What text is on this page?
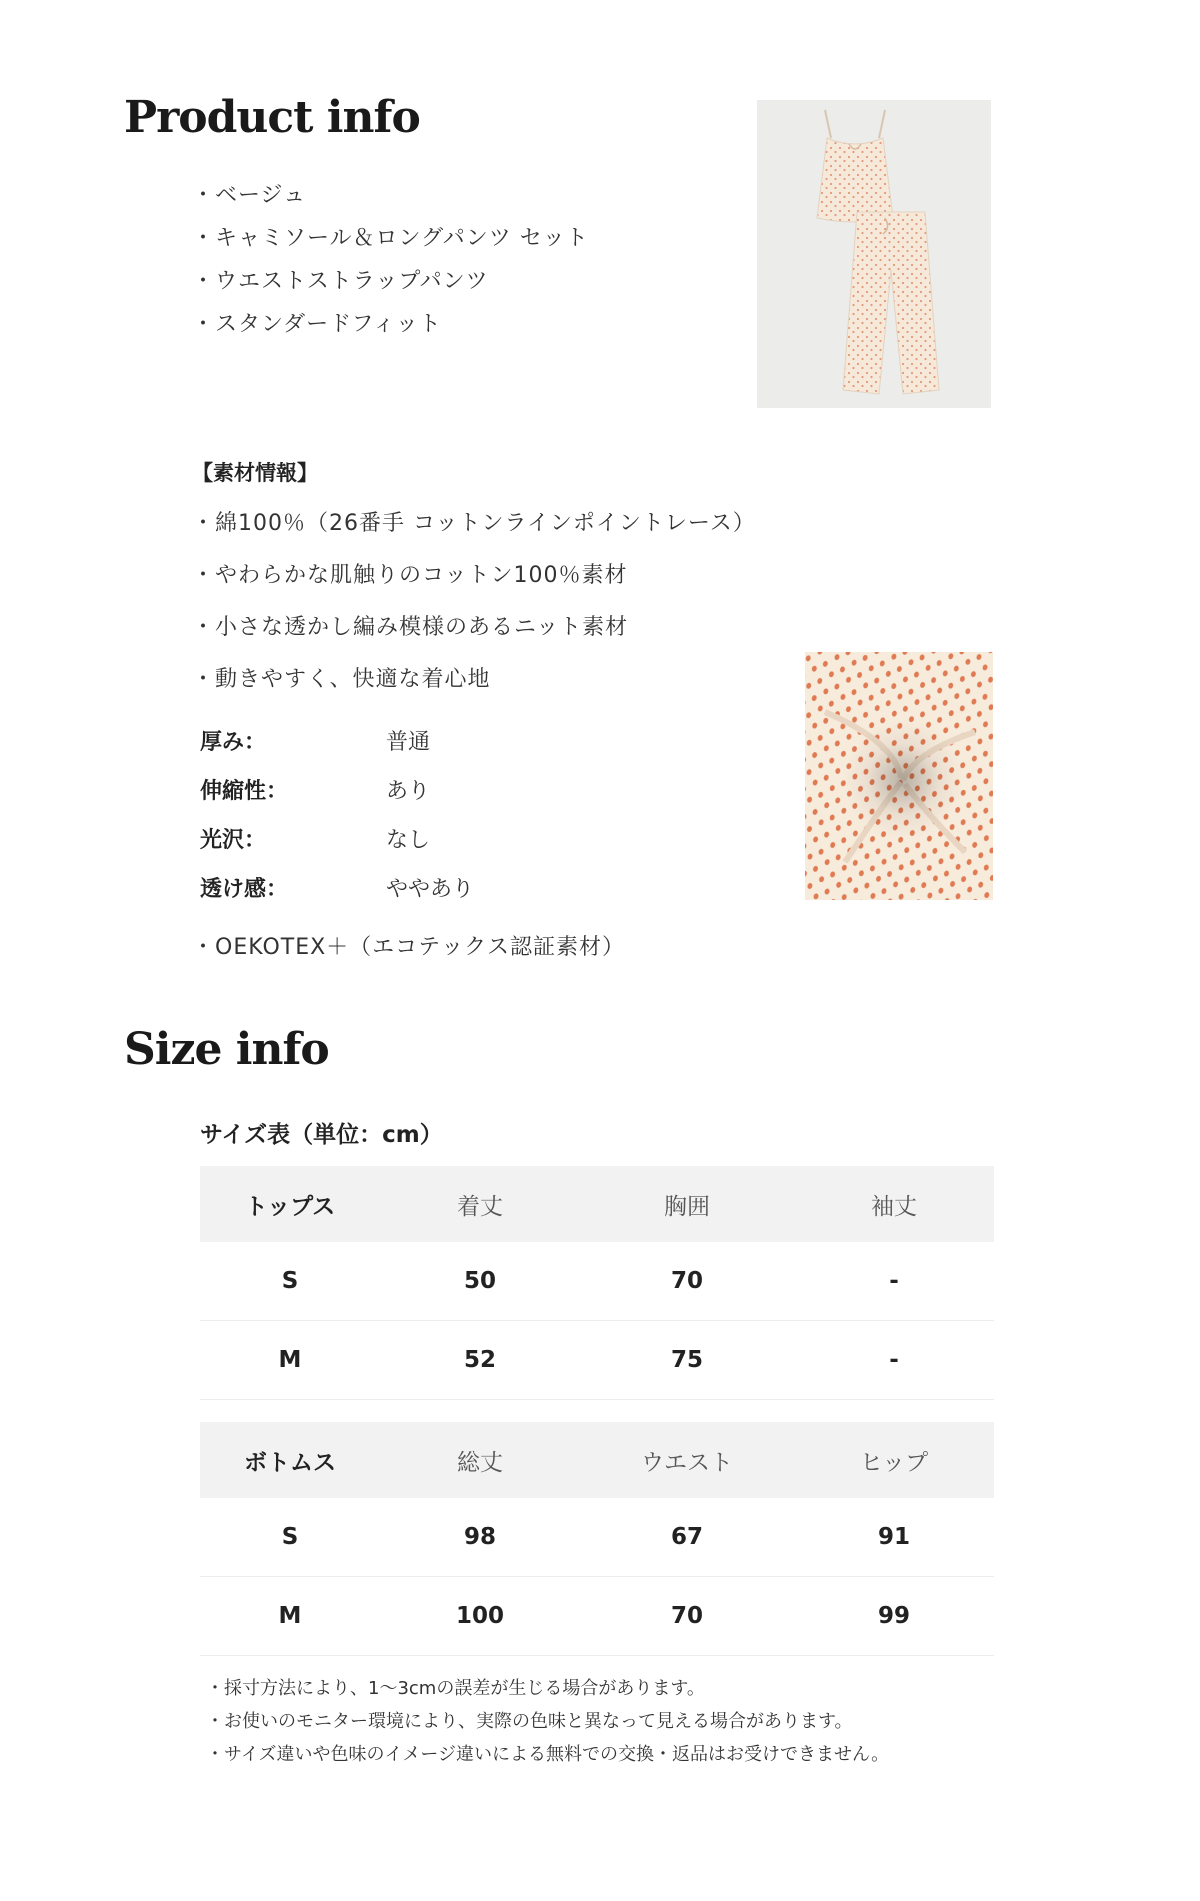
Product info
・ベージュ
・キャミソール＆ロングパンツ セット
・ウエストストラップパンツ
・スタンダードフィット
【素材情報】
・綿100％（26番手 コットンラインポイントレース）
・やわらかな肌触りのコットン100％素材
・小さな透かし編み模様のあるニット素材
・動きやすく、快適な着心地
厚み：	普通
伸縮性：	あり
光沢：	なし
透け感：	ややあり
・OEKOTEX＋（エコテックス認証素材）
Size info
サイズ表（単位：cm）
トップス	着丈	胸囲	袖丈
S	50	70	-
M	52	75	-
ボトムス	総丈	ウエスト	ヒップ
S	98	67	91
M	100	70	99
・採寸方法により、1〜3cmの誤差が生じる場合があります。
・お使いのモニター環境により、実際の色味と異なって見える場合があります。
・サイズ違いや色味のイメージ違いによる無料での交換・返品はお受けできません。
